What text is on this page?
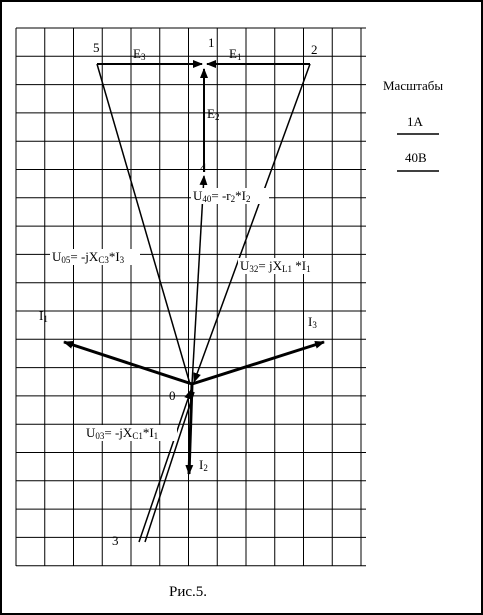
5	1	2
4
0
3
E3	E1
E2
I1	I3
I2
U40= -r2*I2
U05= -jXC3*I3	U32= jXL1 *I1
U03= -jXC1*I1
Масштабы
1A
40B
Рис.5.
